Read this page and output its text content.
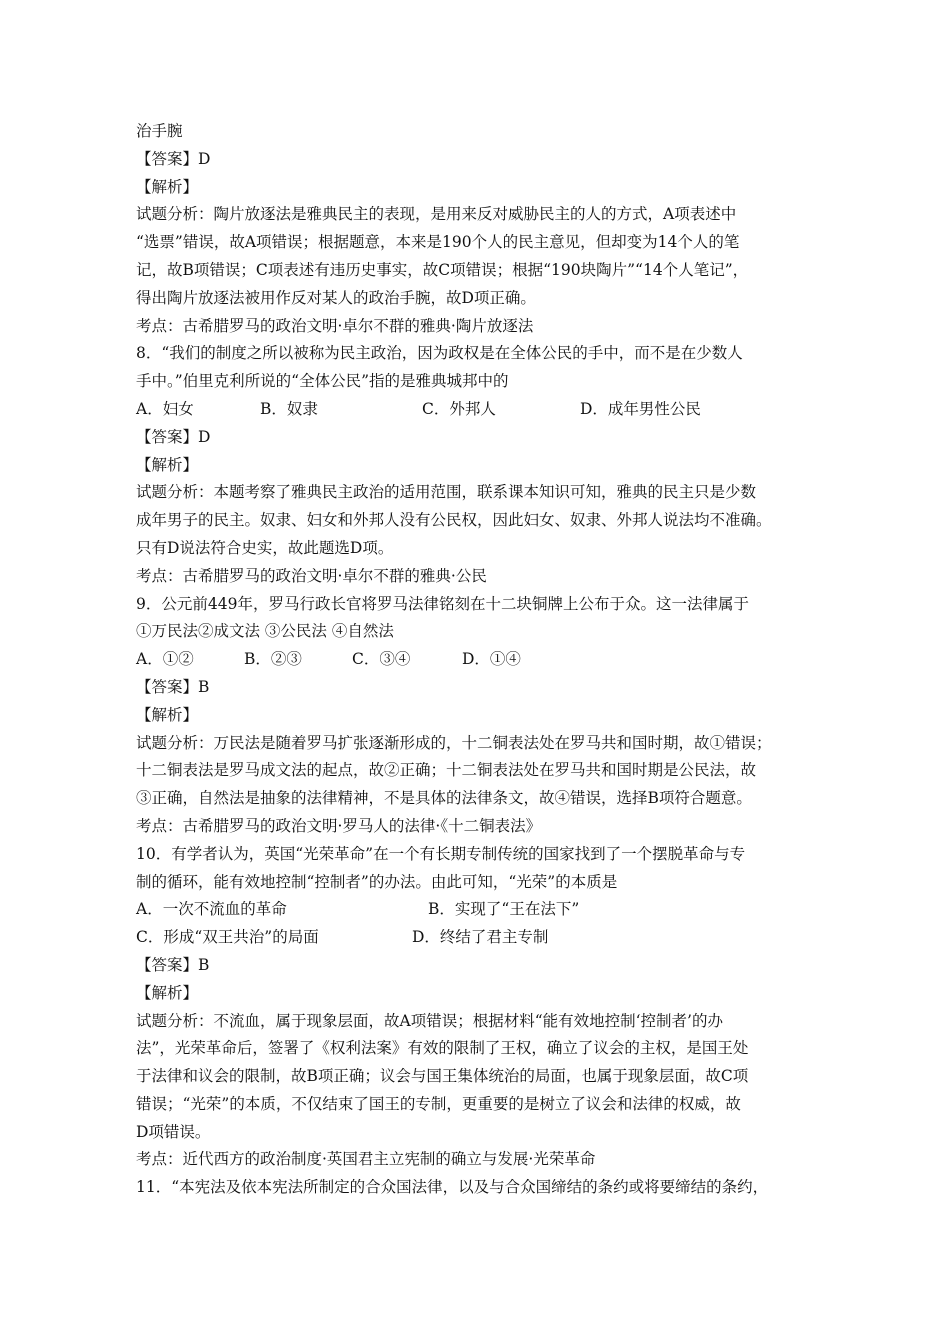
治手腕
【答案】D
【解析】
试题分析：陶片放逐法是雅典民主的表现，是用来反对威胁民主的人的方式，A项表述中
“选票”错误，故A项错误；根据题意，本来是190个人的民主意见，但却变为14个人的笔
记，故B项错误；C项表述有违历史事实，故C项错误；根据“190块陶片”“14个人笔记”，
得出陶片放逐法被用作反对某人的政治手腕，故D项正确。
考点：古希腊罗马的政治文明·卓尔不群的雅典·陶片放逐法
8．“我们的制度之所以被称为民主政治，因为政权是在全体公民的手中，而不是在少数人
手中。”伯里克利所说的“全体公民”指的是雅典城邦中的
A．妇女	B．奴隶	C．外邦人	D．成年男性公民
【答案】D
【解析】
试题分析：本题考察了雅典民主政治的适用范围，联系课本知识可知，雅典的民主只是少数
成年男子的民主。奴隶、妇女和外邦人没有公民权，因此妇女、奴隶、外邦人说法均不准确。
只有D说法符合史实，故此题选D项。
考点：古希腊罗马的政治文明·卓尔不群的雅典·公民
9．公元前449年，罗马行政长官将罗马法律铭刻在十二块铜牌上公布于众。这一法律属于
①万民法②成文法 ③公民法 ④自然法
A．①②	B．②③	C．③④	D．①④
【答案】B
【解析】
试题分析：万民法是随着罗马扩张逐渐形成的，十二铜表法处在罗马共和国时期，故①错误；
十二铜表法是罗马成文法的起点，故②正确；十二铜表法处在罗马共和国时期是公民法，故
③正确，自然法是抽象的法律精神，不是具体的法律条文，故④错误，选择B项符合题意。
考点：古希腊罗马的政治文明·罗马人的法律·《十二铜表法》
10．有学者认为，英国“光荣革命”在一个有长期专制传统的国家找到了一个摆脱革命与专
制的循环，能有效地控制“控制者”的办法。由此可知，“光荣”的本质是
A．一次不流血的革命	B．实现了“王在法下”
C．形成“双王共治”的局面	D．终结了君主专制
【答案】B
【解析】
试题分析：不流血，属于现象层面，故A项错误；根据材料“能有效地控制‘控制者’的办
法”，光荣革命后，签署了《权利法案》有效的限制了王权，确立了议会的主权，是国王处
于法律和议会的限制，故B项正确；议会与国王集体统治的局面，也属于现象层面，故C项
错误；“光荣”的本质，不仅结束了国王的专制，更重要的是树立了议会和法律的权威，故
D项错误。
考点：近代西方的政治制度·英国君主立宪制的确立与发展·光荣革命
11．“本宪法及依本宪法所制定的合众国法律，以及与合众国缔结的条约或将要缔结的条约，
